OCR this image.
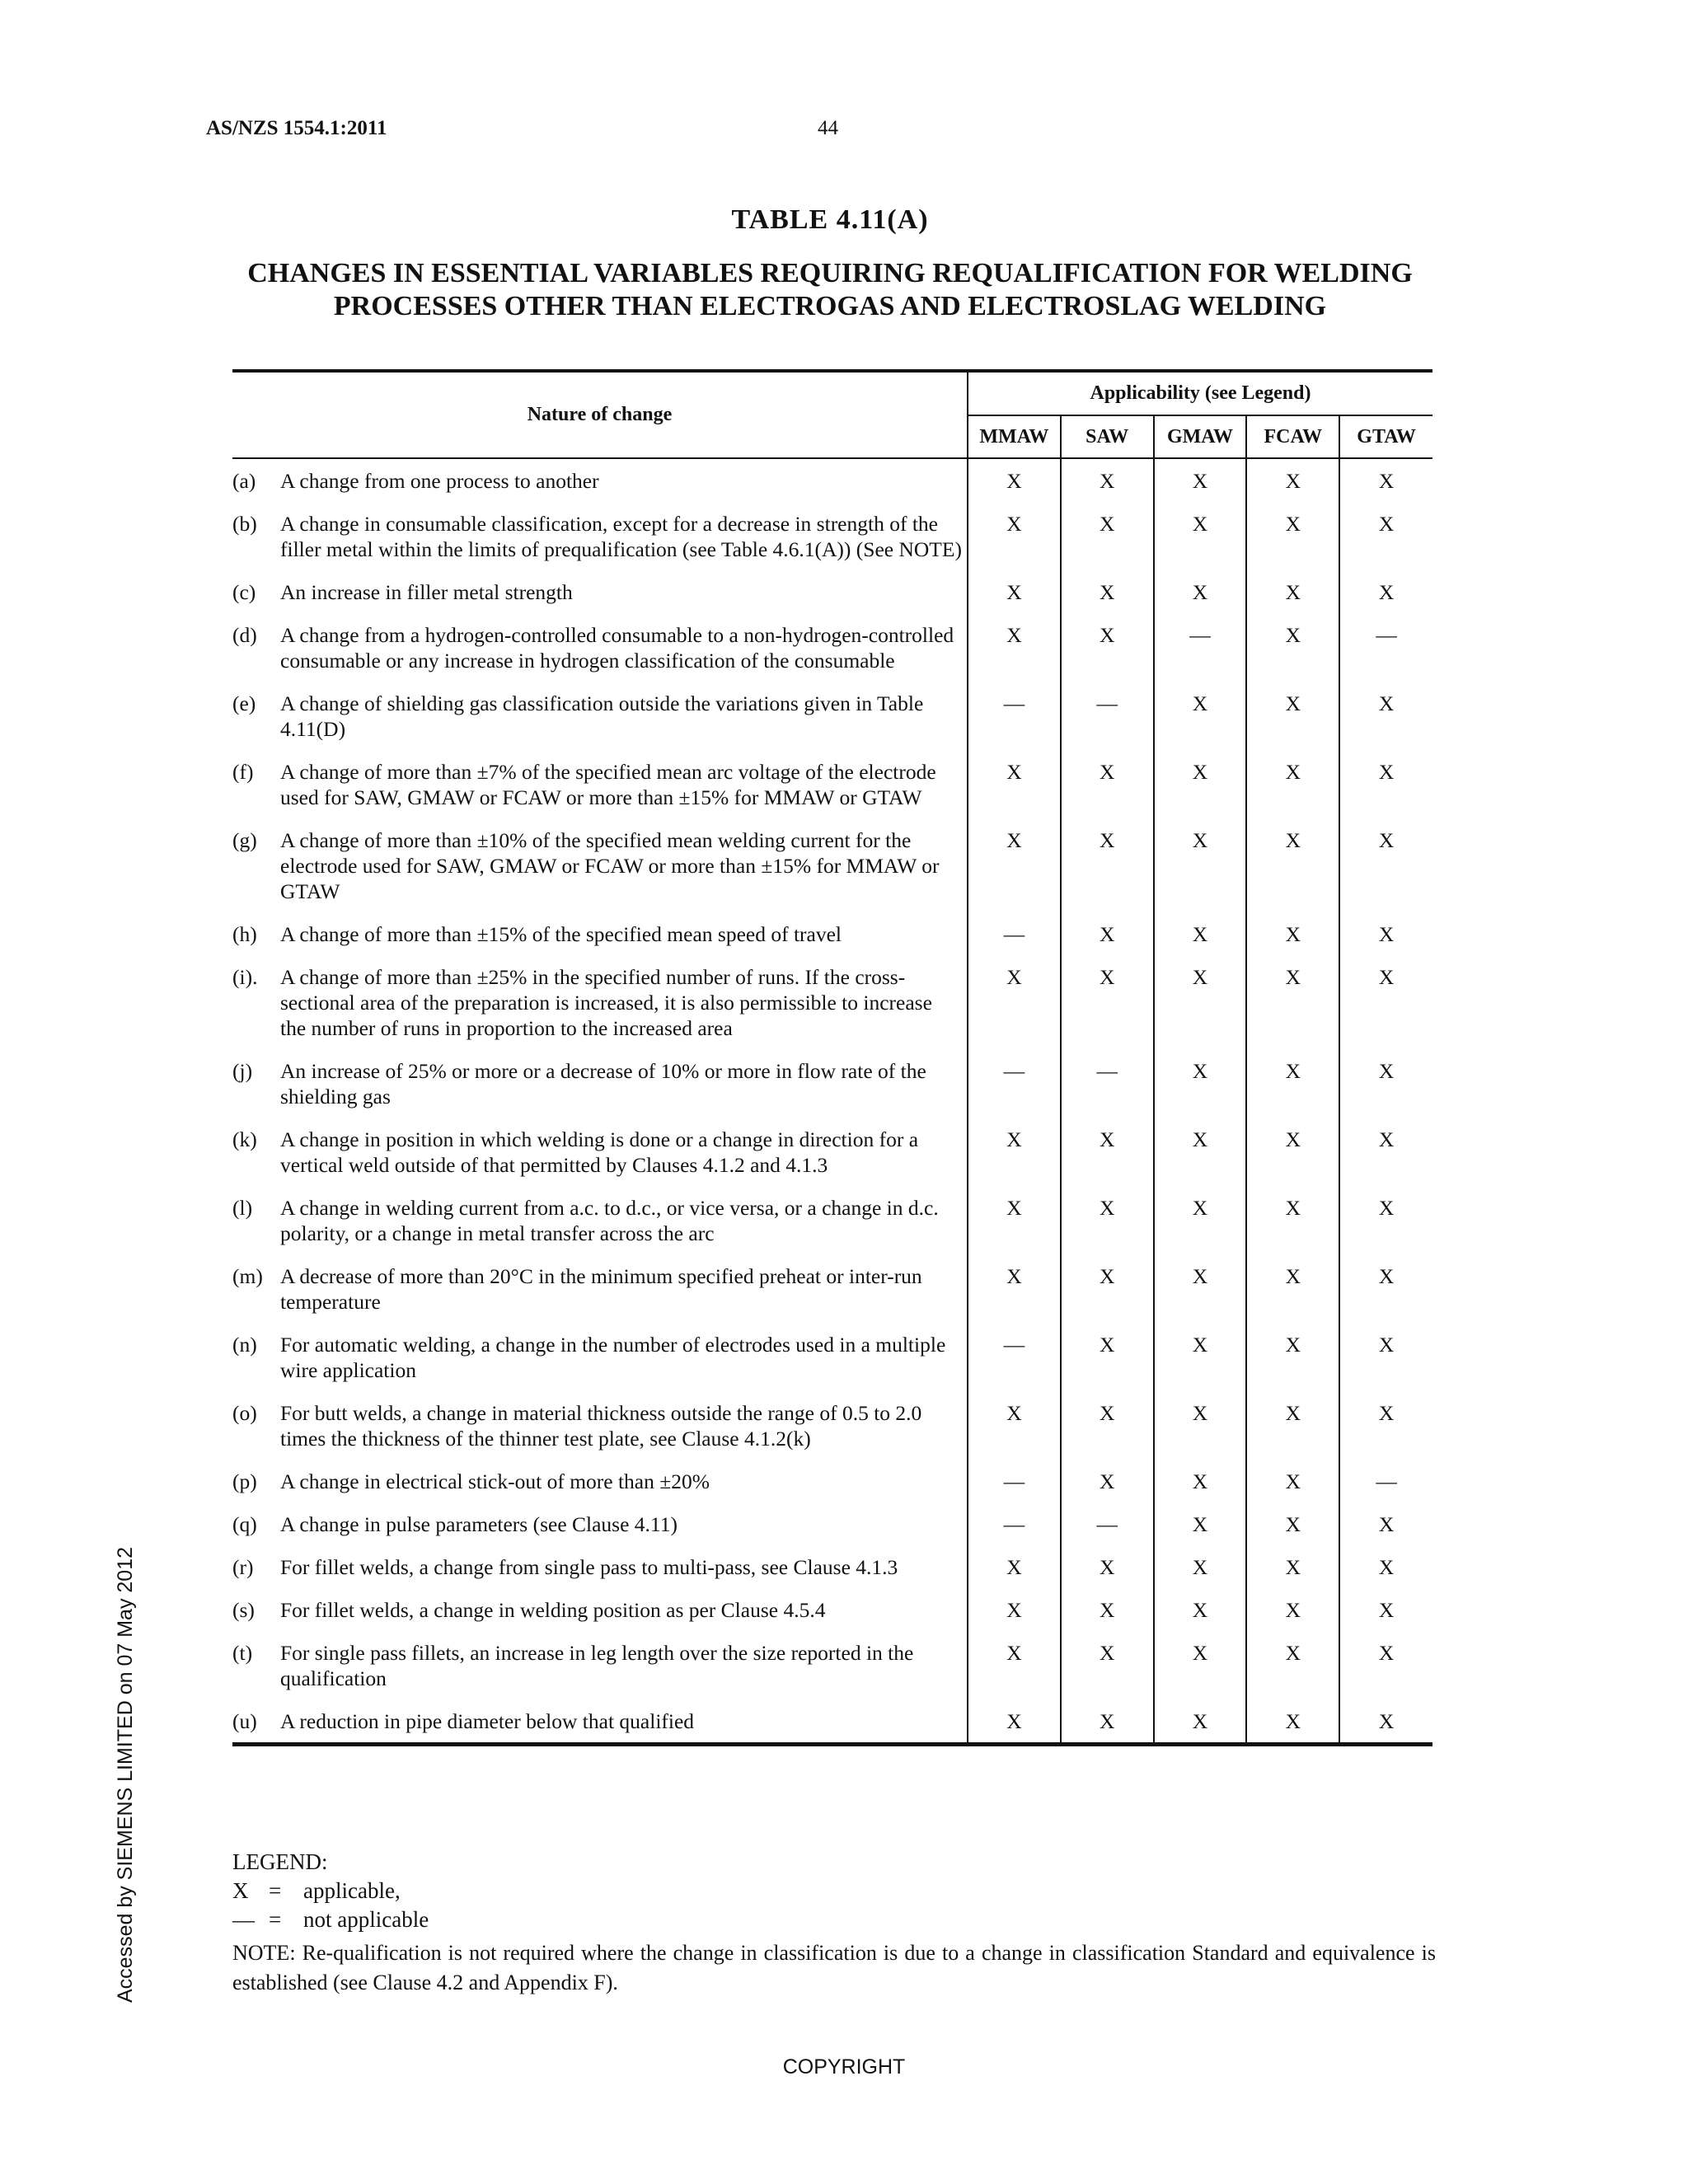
AS/NZS 1554.1:2011	44
TABLE 4.11(A)
CHANGES IN ESSENTIAL VARIABLES REQUIRING REQUALIFICATION FOR WELDING PROCESSES OTHER THAN ELECTROGAS AND ELECTROSLAG WELDING
Nature of change	Applicability (see Legend)				
	MMAW	SAW	GMAW	FCAW	GTAW

(a) A change from one process to another	X	X	X	X	X

(b) A change in consumable classification, except for a decrease in strength of the filler metal within the limits of prequalification (see Table 4.6.1(A)) (See NOTE)	X	X	X	X	X

(c) An increase in filler metal strength	X	X	X	X	X

(d) A change from a hydrogen-controlled consumable to a non-hydrogen-controlled consumable or any increase in hydrogen classification of the consumable	X	X	—	X	—

(e) A change of shielding gas classification outside the variations given in Table 4.11(D)	—	—	X	X	X

(f) A change of more than ±7% of the specified mean arc voltage of the electrode used for SAW, GMAW or FCAW or more than ±15% for MMAW or GTAW	X	X	X	X	X

(g) A change of more than ±10% of the specified mean welding current for the electrode used for SAW, GMAW or FCAW or more than ±15% for MMAW or GTAW	X	X	X	X	X

(h) A change of more than ±15% of the specified mean speed of travel	—	X	X	X	X

(i). A change of more than ±25% in the specified number of runs. If the cross-sectional area of the preparation is increased, it is also permissible to increase the number of runs in proportion to the increased area	X	X	X	X	X

(j) An increase of 25% or more or a decrease of 10% or more in flow rate of the shielding gas	—	—	X	X	X

(k) A change in position in which welding is done or a change in direction for a vertical weld outside of that permitted by Clauses 4.1.2 and 4.1.3	X	X	X	X	X

(l) A change in welding current from a.c. to d.c., or vice versa, or a change in d.c. polarity, or a change in metal transfer across the arc	X	X	X	X	X

(m) A decrease of more than 20°C in the minimum specified preheat or inter-run temperature	X	X	X	X	X

(n) For automatic welding, a change in the number of electrodes used in a multiple wire application	—	X	X	X	X

(o) For butt welds, a change in material thickness outside the range of 0.5 to 2.0 times the thickness of the thinner test plate, see Clause 4.1.2(k)	X	X	X	X	X

(p) A change in electrical stick-out of more than ±20%	—	X	X	X	—

(q) A change in pulse parameters (see Clause 4.11)	—	—	X	X	X

(r) For fillet welds, a change from single pass to multi-pass, see Clause 4.1.3	X	X	X	X	X

(s) For fillet welds, a change in welding position as per Clause 4.5.4	X	X	X	X	X

(t) For single pass fillets, an increase in leg length over the size reported in the qualification	X	X	X	X	X

(u) A reduction in pipe diameter below that qualified	X	X	X	X	X
LEGEND:
X = applicable,
— = not applicable
NOTE: Re-qualification is not required where the change in classification is due to a change in classification Standard and equivalence is established (see Clause 4.2 and Appendix F).
COPYRIGHT
Accessed by SIEMENS LIMITED on 07 May 2012
